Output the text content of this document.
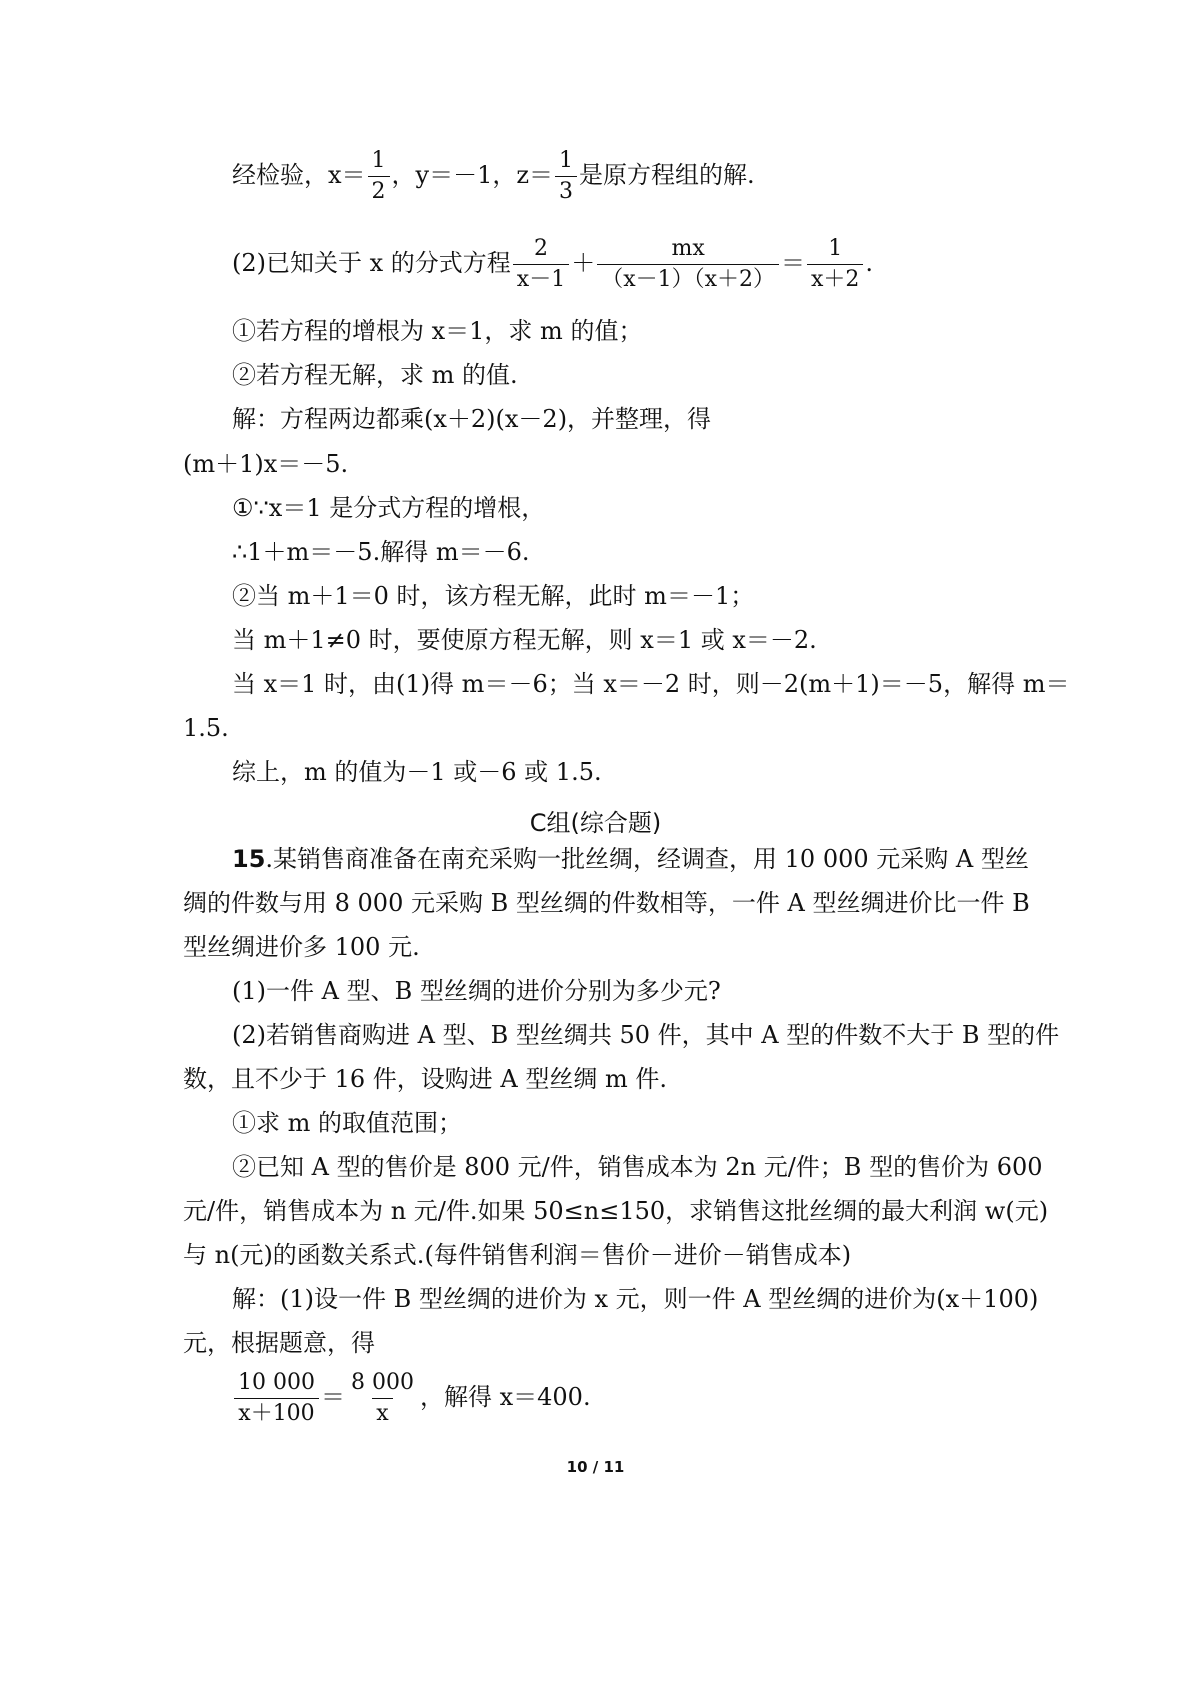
经检验，$x= \frac{1}{2}$ ，y＝－1，$z= \frac{1}{3}$ 是原方程组的解.
(2)已知关于 x 的分式方程 $\frac{2}{x-1} + \frac{mx}{(x-1)(x+2)} = \frac{1}{x+2}$ .
①若方程的增根为 x＝1，求 m 的值；
②若方程无解，求 m 的值.
解：方程两边都乘(x＋2)(x－2)，并整理，得
(m＋1)x＝－5.
①∵x＝1 是分式方程的增根，
∴1＋m＝－5.解得 m＝－6.
②当 m＋1＝0 时，该方程无解，此时 m＝－1；
当 m＋1≠0 时，要使原方程无解，则 x＝1 或 x＝－2.
当 x＝1 时，由(1)得 m＝－6；当 x＝－2 时，则－2(m＋1)＝－5，解得 m＝
1.5.
综上，m 的值为－1 或－6 或 1.5.
C组(综合题)
15.某销售商准备在南充采购一批丝绸，经调查，用 10 000 元采购 A 型丝
绸的件数与用 8 000 元采购 B 型丝绸的件数相等，一件 A 型丝绸进价比一件 B
型丝绸进价多 100 元.
(1)一件 A 型、B 型丝绸的进价分别为多少元?
(2)若销售商购进 A 型、B 型丝绸共 50 件，其中 A 型的件数不大于 B 型的件
数，且不少于 16 件，设购进 A 型丝绸 m 件.
①求 m 的取值范围；
②已知 A 型的售价是 800 元/件，销售成本为 2n 元/件；B 型的售价为 600
元/件，销售成本为 n 元/件.如果 50≤n≤150，求销售这批丝绸的最大利润 w(元)
与 n(元)的函数关系式.(每件销售利润＝售价－进价－销售成本)
解：(1)设一件 B 型丝绸的进价为 x 元，则一件 A 型丝绸的进价为(x＋100)
元，根据题意，得
$\frac{10 000}{x+100} = \frac{8 000}{x}$ ，解得 x＝400.
10 / 11
